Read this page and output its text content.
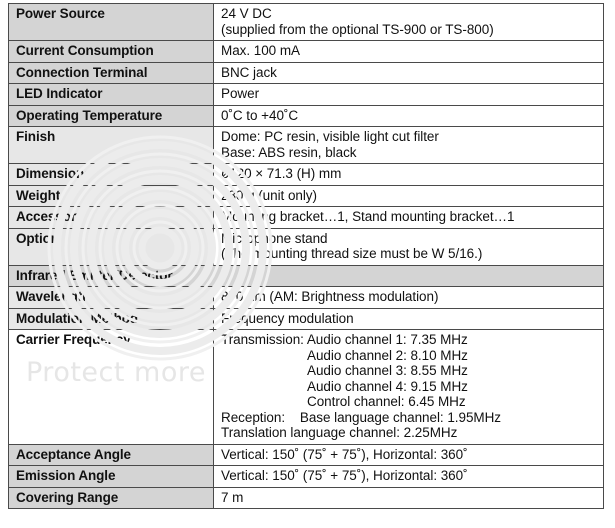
Protect more
Power Source	24 V DC
(supplied from the optional TS-900 or TS-800)

Current Consumption	Max. 100 mA

Connection Terminal	BNC jack

LED Indicator	Power

Operating Temperature	0˚C to +40˚C

Finish	Dome: PC resin, visible light cut filter
Base: ABS resin, black

Dimensions	ø120 × 71.3 (H) mm

Weight	230 g (unit only)

Accessory	Mounting bracket…1, Stand mounting bracket…1

Option	Microphone stand
(The mounting thread size must be W 5/16.)

Infrared Emitter/Detector	
Wavelength	870 nm (AM: Brightness modulation)

Modulation Method	Frequency modulation

Carrier Frequency	Transmission: Audio channel 1: 7.35 MHz
Audio channel 2: 8.10 MHz
Audio channel 3: 8.55 MHz
Audio channel 4: 9.15 MHz
Control channel: 6.45 MHz
Reception: Base language channel: 1.95MHz
Translation language channel: 2.25MHz

Acceptance Angle	Vertical: 150˚ (75˚ + 75˚), Horizontal: 360˚

Emission Angle	Vertical: 150˚ (75˚ + 75˚), Horizontal: 360˚

Covering Range	7 m
